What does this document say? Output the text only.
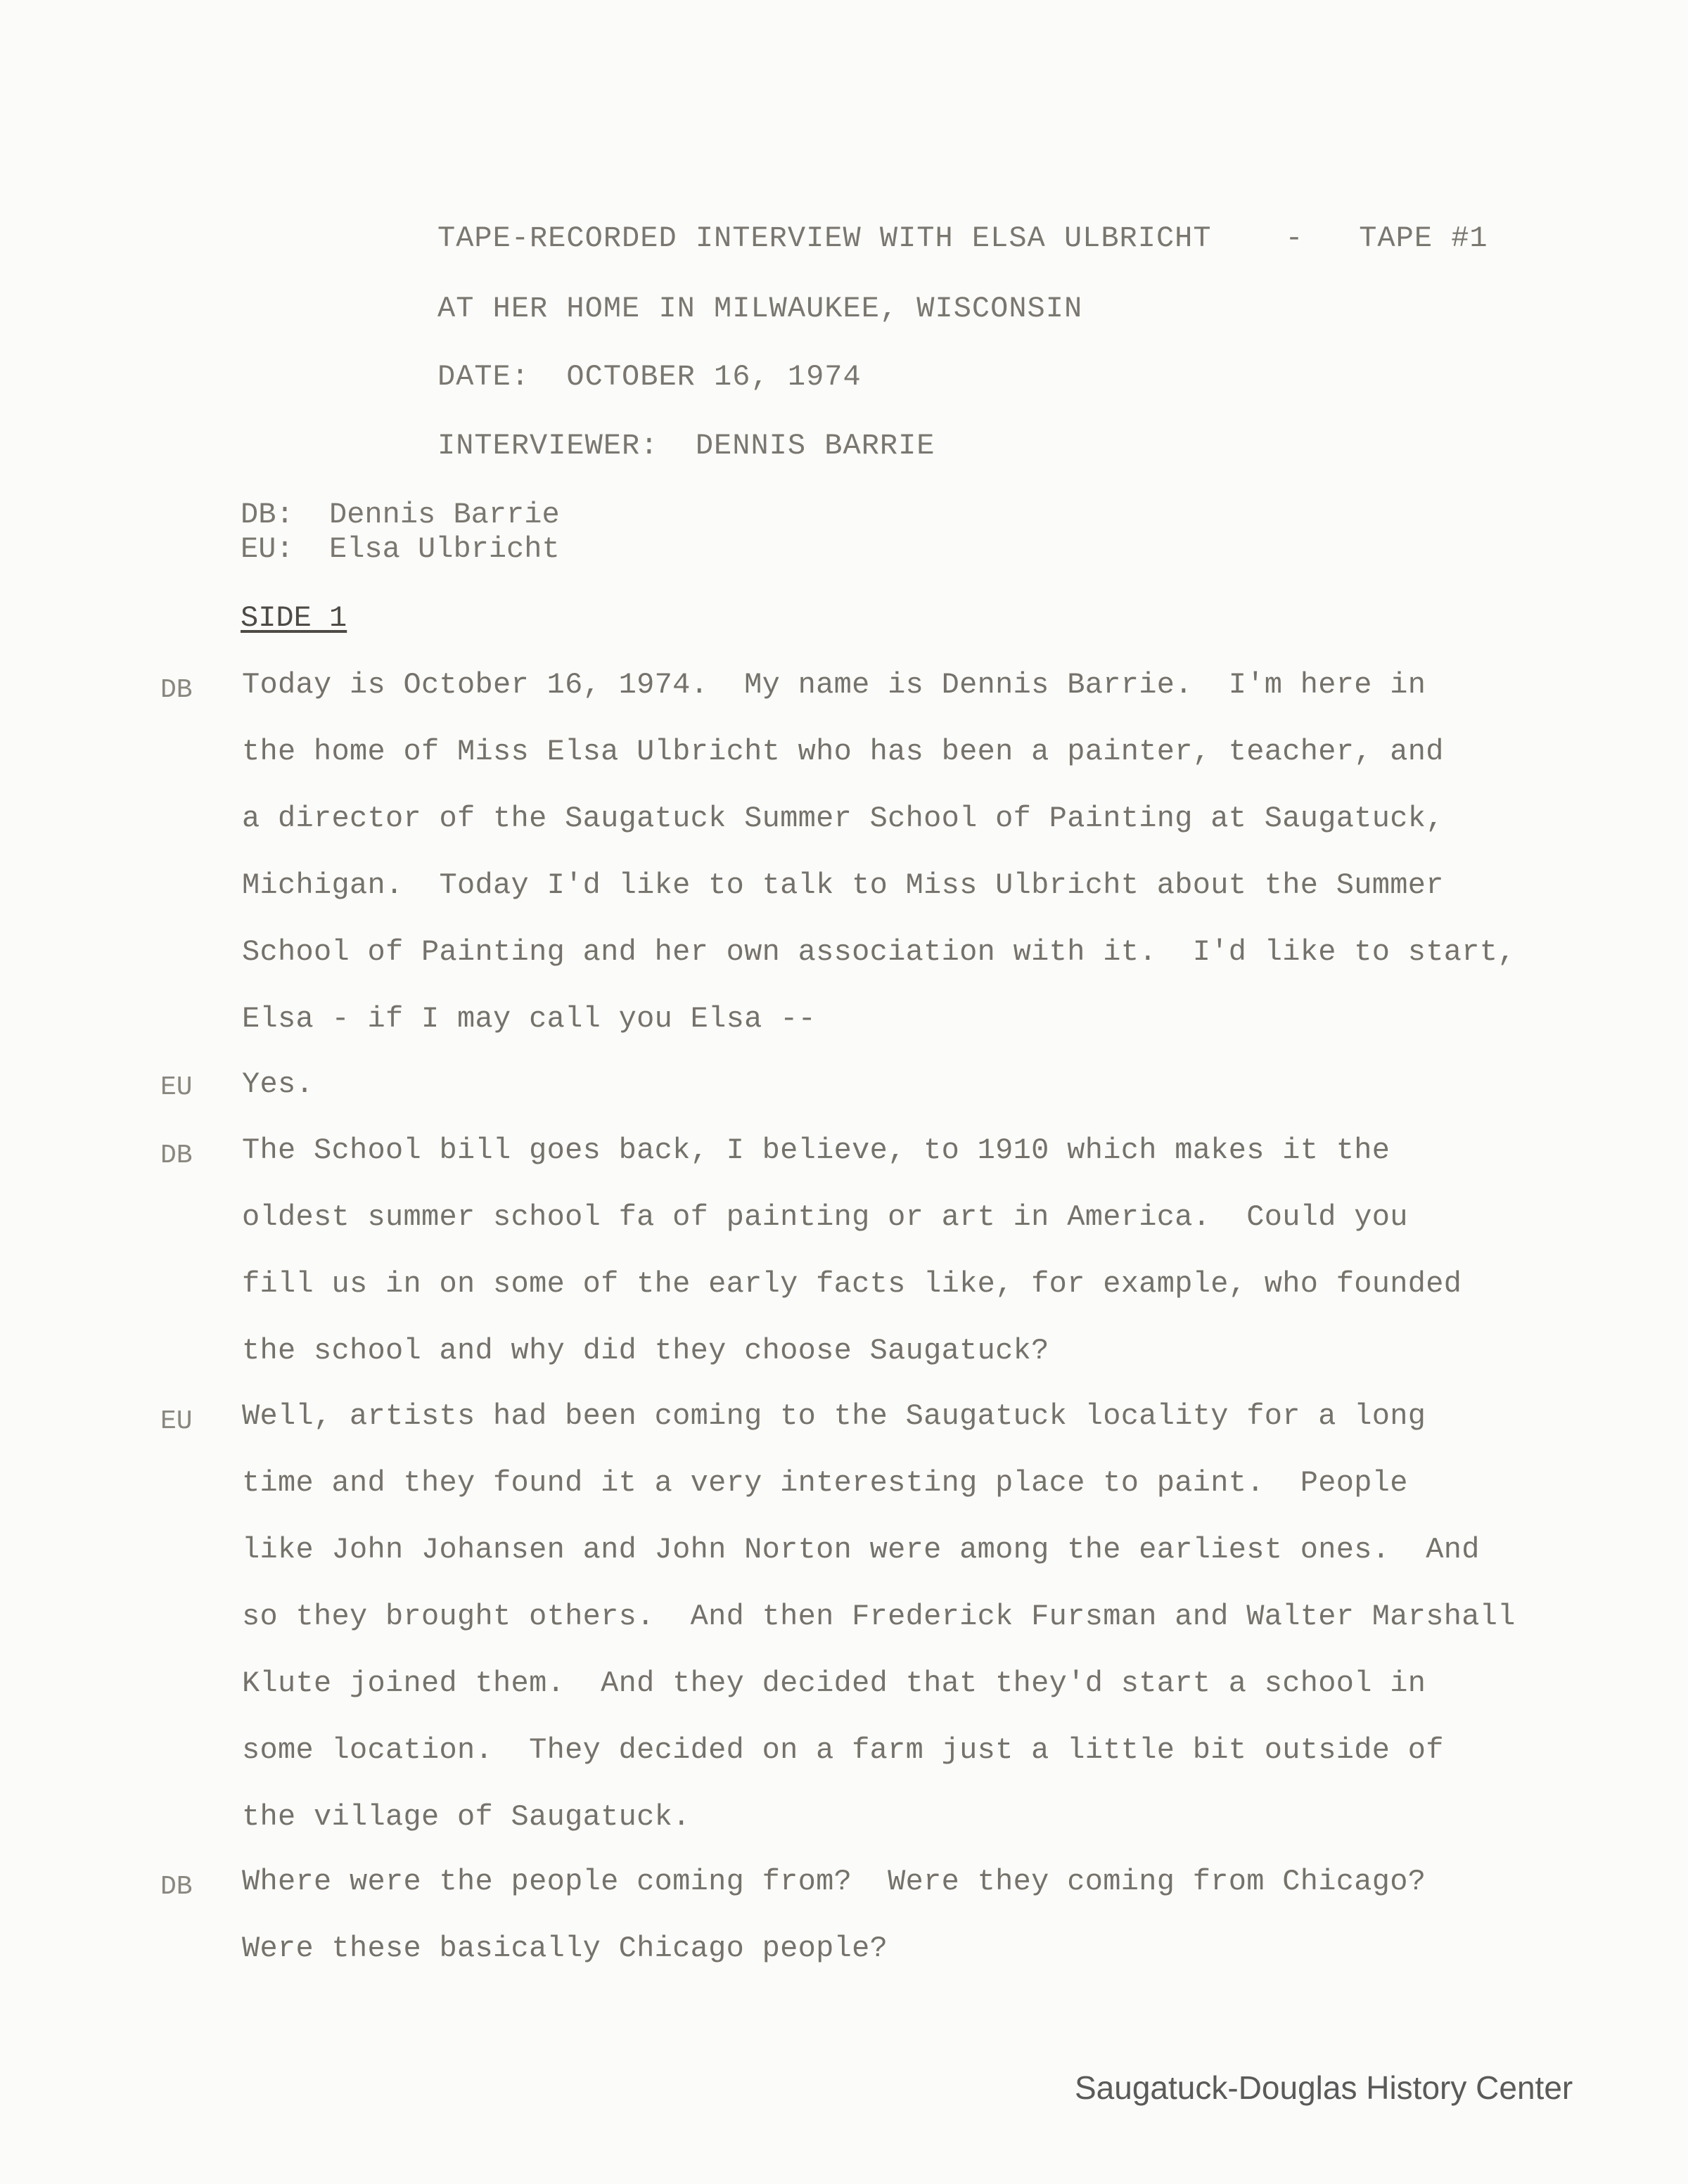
TAPE-RECORDED INTERVIEW WITH ELSA ULBRICHT    -   TAPE #1
AT HER HOME IN MILWAUKEE, WISCONSIN
DATE:  OCTOBER 16, 1974
INTERVIEWER:  DENNIS BARRIE
DB:  Dennis Barrie
EU:  Elsa Ulbricht
SIDE 1
DB Today is October 16, 1974.  My name is Dennis Barrie.  I'm here in
the home of Miss Elsa Ulbricht who has been a painter, teacher, and
a director of the Saugatuck Summer School of Painting at Saugatuck,
Michigan.  Today I'd like to talk to Miss Ulbricht about the Summer
School of Painting and her own association with it.  I'd like to start,
Elsa - if I may call you Elsa --
EU Yes.
DB The School bill goes back, I believe, to 1910 which makes it the
oldest summer school fa of painting or art in America.  Could you
fill us in on some of the early facts like, for example, who founded
the school and why did they choose Saugatuck?
EU Well, artists had been coming to the Saugatuck locality for a long
time and they found it a very interesting place to paint.  People
like John Johansen and John Norton were among the earliest ones.  And
so they brought others.  And then Frederick Fursman and Walter Marshall
Klute joined them.  And they decided that they'd start a school in
some location.  They decided on a farm just a little bit outside of
the village of Saugatuck.
DB Where were the people coming from?  Were they coming from Chicago?
Were these basically Chicago people?
Saugatuck-Douglas History Center
